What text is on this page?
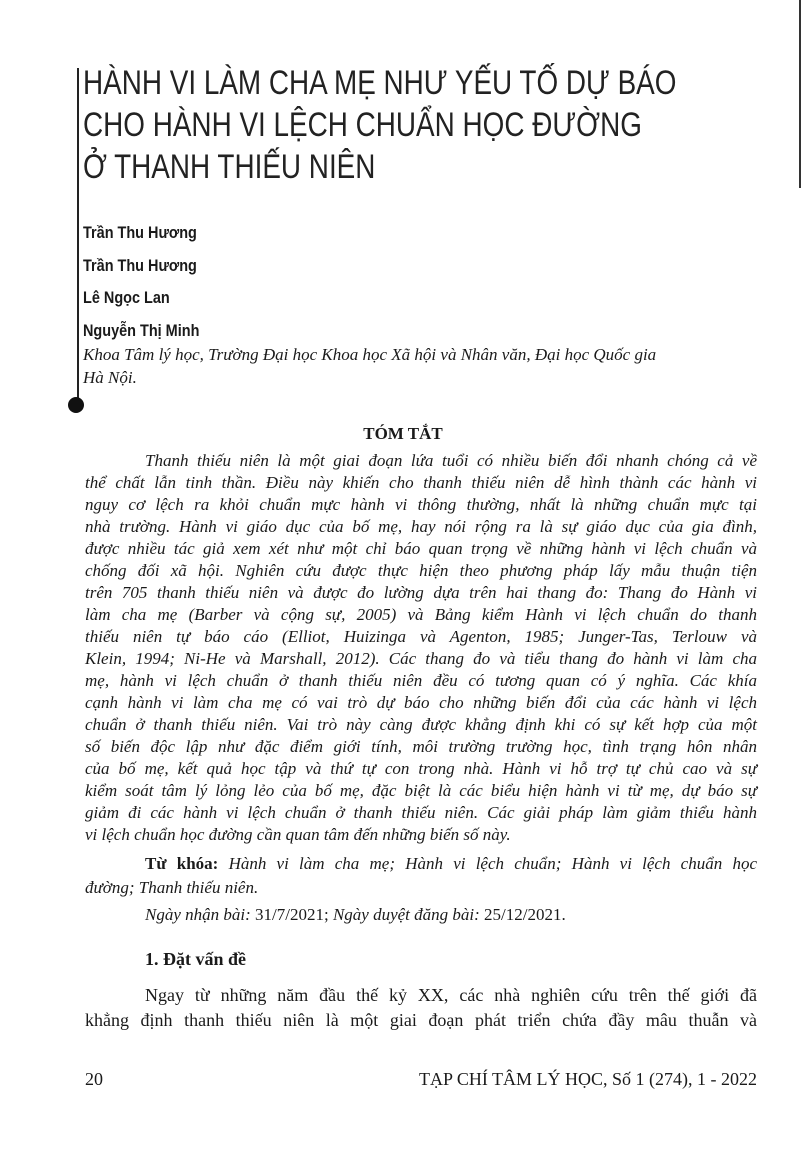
HÀNH VI LÀM CHA MẸ NHƯ YẾU TỐ DỰ BÁO
CHO HÀNH VI LỆCH CHUẨN HỌC ĐƯỜNG
Ở THANH THIẾU NIÊN
Trần Thu Hương
Trần Thu Hương
Lê Ngọc Lan
Nguyễn Thị Minh
Khoa Tâm lý học, Trường Đại học Khoa học Xã hội và Nhân văn, Đại học Quốc gia
Hà Nội.
TÓM TẮT
Thanh thiếu niên là một giai đoạn lứa tuổi có nhiều biến đổi nhanh chóng cả về
thể chất lẫn tinh thần. Điều này khiến cho thanh thiếu niên dễ hình thành các hành vi
nguy cơ lệch ra khỏi chuẩn mực hành vi thông thường, nhất là những chuẩn mực tại
nhà trường. Hành vi giáo dục của bố mẹ, hay nói rộng ra là sự giáo dục của gia đình,
được nhiều tác giả xem xét như một chỉ báo quan trọng về những hành vi lệch chuẩn và
chống đối xã hội. Nghiên cứu được thực hiện theo phương pháp lấy mẫu thuận tiện
trên 705 thanh thiếu niên và được đo lường dựa trên hai thang đo: Thang đo Hành vi
làm cha mẹ (Barber và cộng sự, 2005) và Bảng kiểm Hành vi lệch chuẩn do thanh
thiếu niên tự báo cáo (Elliot, Huizinga và Agenton, 1985; Junger-Tas, Terlouw và
Klein, 1994; Ni-He và Marshall, 2012). Các thang đo và tiểu thang đo hành vi làm cha
mẹ, hành vi lệch chuẩn ở thanh thiếu niên đều có tương quan có ý nghĩa. Các khía
cạnh hành vi làm cha mẹ có vai trò dự báo cho những biến đổi của các hành vi lệch
chuẩn ở thanh thiếu niên. Vai trò này càng được khẳng định khi có sự kết hợp của một
số biến độc lập như đặc điểm giới tính, môi trường trường học, tình trạng hôn nhân
của bố mẹ, kết quả học tập và thứ tự con trong nhà. Hành vi hỗ trợ tự chủ cao và sự
kiểm soát tâm lý lỏng lẻo của bố mẹ, đặc biệt là các biểu hiện hành vi từ mẹ, dự báo sự
giảm đi các hành vi lệch chuẩn ở thanh thiếu niên. Các giải pháp làm giảm thiểu hành
vi lệch chuẩn học đường cần quan tâm đến những biến số này.
Từ khóa: Hành vi làm cha mẹ; Hành vi lệch chuẩn; Hành vi lệch chuẩn học
đường; Thanh thiếu niên.
Ngày nhận bài: 31/7/2021; Ngày duyệt đăng bài: 25/12/2021.
1. Đặt vấn đề
Ngay từ những năm đầu thế kỷ XX, các nhà nghiên cứu trên thế giới đã
khẳng định thanh thiếu niên là một giai đoạn phát triển chứa đầy mâu thuẫn và
20	TẠP CHÍ TÂM LÝ HỌC, Số 1 (274), 1 - 2022
